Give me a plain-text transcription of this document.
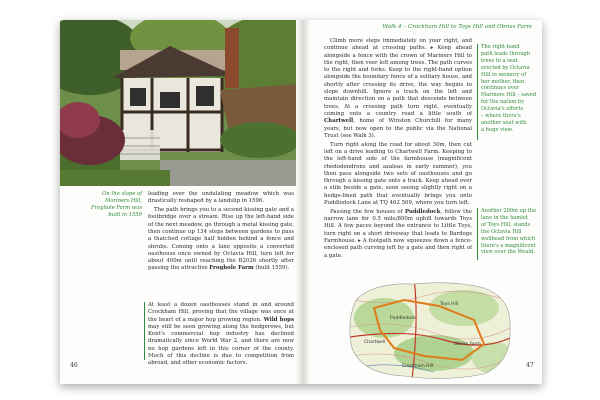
On the slope of
Mariners Hill,
Froghole Farm was
built in 1559

leading over the undulating meadow which was drastically reshaped by a landslip in 1596.

The path brings you to a second kissing gate and a footbridge over a stream. Rise up the left-hand side of the next meadow, go through a metal kissing gate, then continue up 134 steps between gardens to pass a thatched cottage half hidden behind a fence and shrubs. Coming onto a lane opposite a converted oasthouse once owned by Octavia Hill, turn left for about 400m until reaching the B2026 shortly after passing the attractive Froghole Farm (built 1559).

At least a dozen oasthouses stand in and around Crockham Hill, proving that the village was once at the heart of a major hop growing region. Wild hops may still be seen growing along the hedgerows, but Kent's commercial hop industry has declined dramatically since World War 2, and there are now no hop gardens left in this corner of the county. Much of this decline is due to competition from abroad, and other economic factors.

46
Walk 4 – Crockham Hill to Toys Hill and Obriss Farm

Climb more steps immediately on your right, and continue ahead at crossing paths. ▸ Keep ahead alongside a fence with the crown of Mariners Hill to the right, then veer left among trees. The path curves to the right and forks. Keep to the right-hand option alongside the boundary fence of a solitary house, and shortly after crossing its drive, the way begins to slope downhill. Ignore a track on the left and maintain direction on a path that descends between trees. At a crossing path turn right, eventually coming onto a country road a little south of Chartwell, home of Winston Churchill for many years, but now open to the public via the National Trust (see Walk 3).

Turn right along the road for about 30m, then cut left on a drive leading to Chartwell Farm. Keeping to the left-hand side of the farmhouse (magnificent rhododendrons and azaleas in early summer), you then pass alongside two sets of oasthouses and go through a kissing gate onto a track. Keep ahead over a stile beside a gate, soon seeing slightly right on a hedge-lined path that eventually brings you onto Puddledock Lane at TQ 462 509, where you turn left.

Passing the few houses of Puddledock, follow the narrow lane for 0.5 mile/800m uphill towards Toys Hill. A few paces beyond the entrance to Little Toys, turn right on a short driveway that leads to Bardogs Farmhouse. ▸ A footpath now squeezes down a fence-enclosed path curving left by a gate and then right of a gate.

The right-hand
path leads through
trees to a seat
erected by Octavia
Hill in memory of
her mother, then
continues over
Mariners Hill – saved
for the nation by
Octavia's efforts
– where there's
another seat with
a huge view.
Another 200m up the
lane in the hamlet
of Toys Hill, stands
the Octavia Hill
wellhead from which
there's a magnificent
view over the Weald.
Toys Hill
Obriss Farm
Puddledock
Chartwell
Crockham Hill	47
